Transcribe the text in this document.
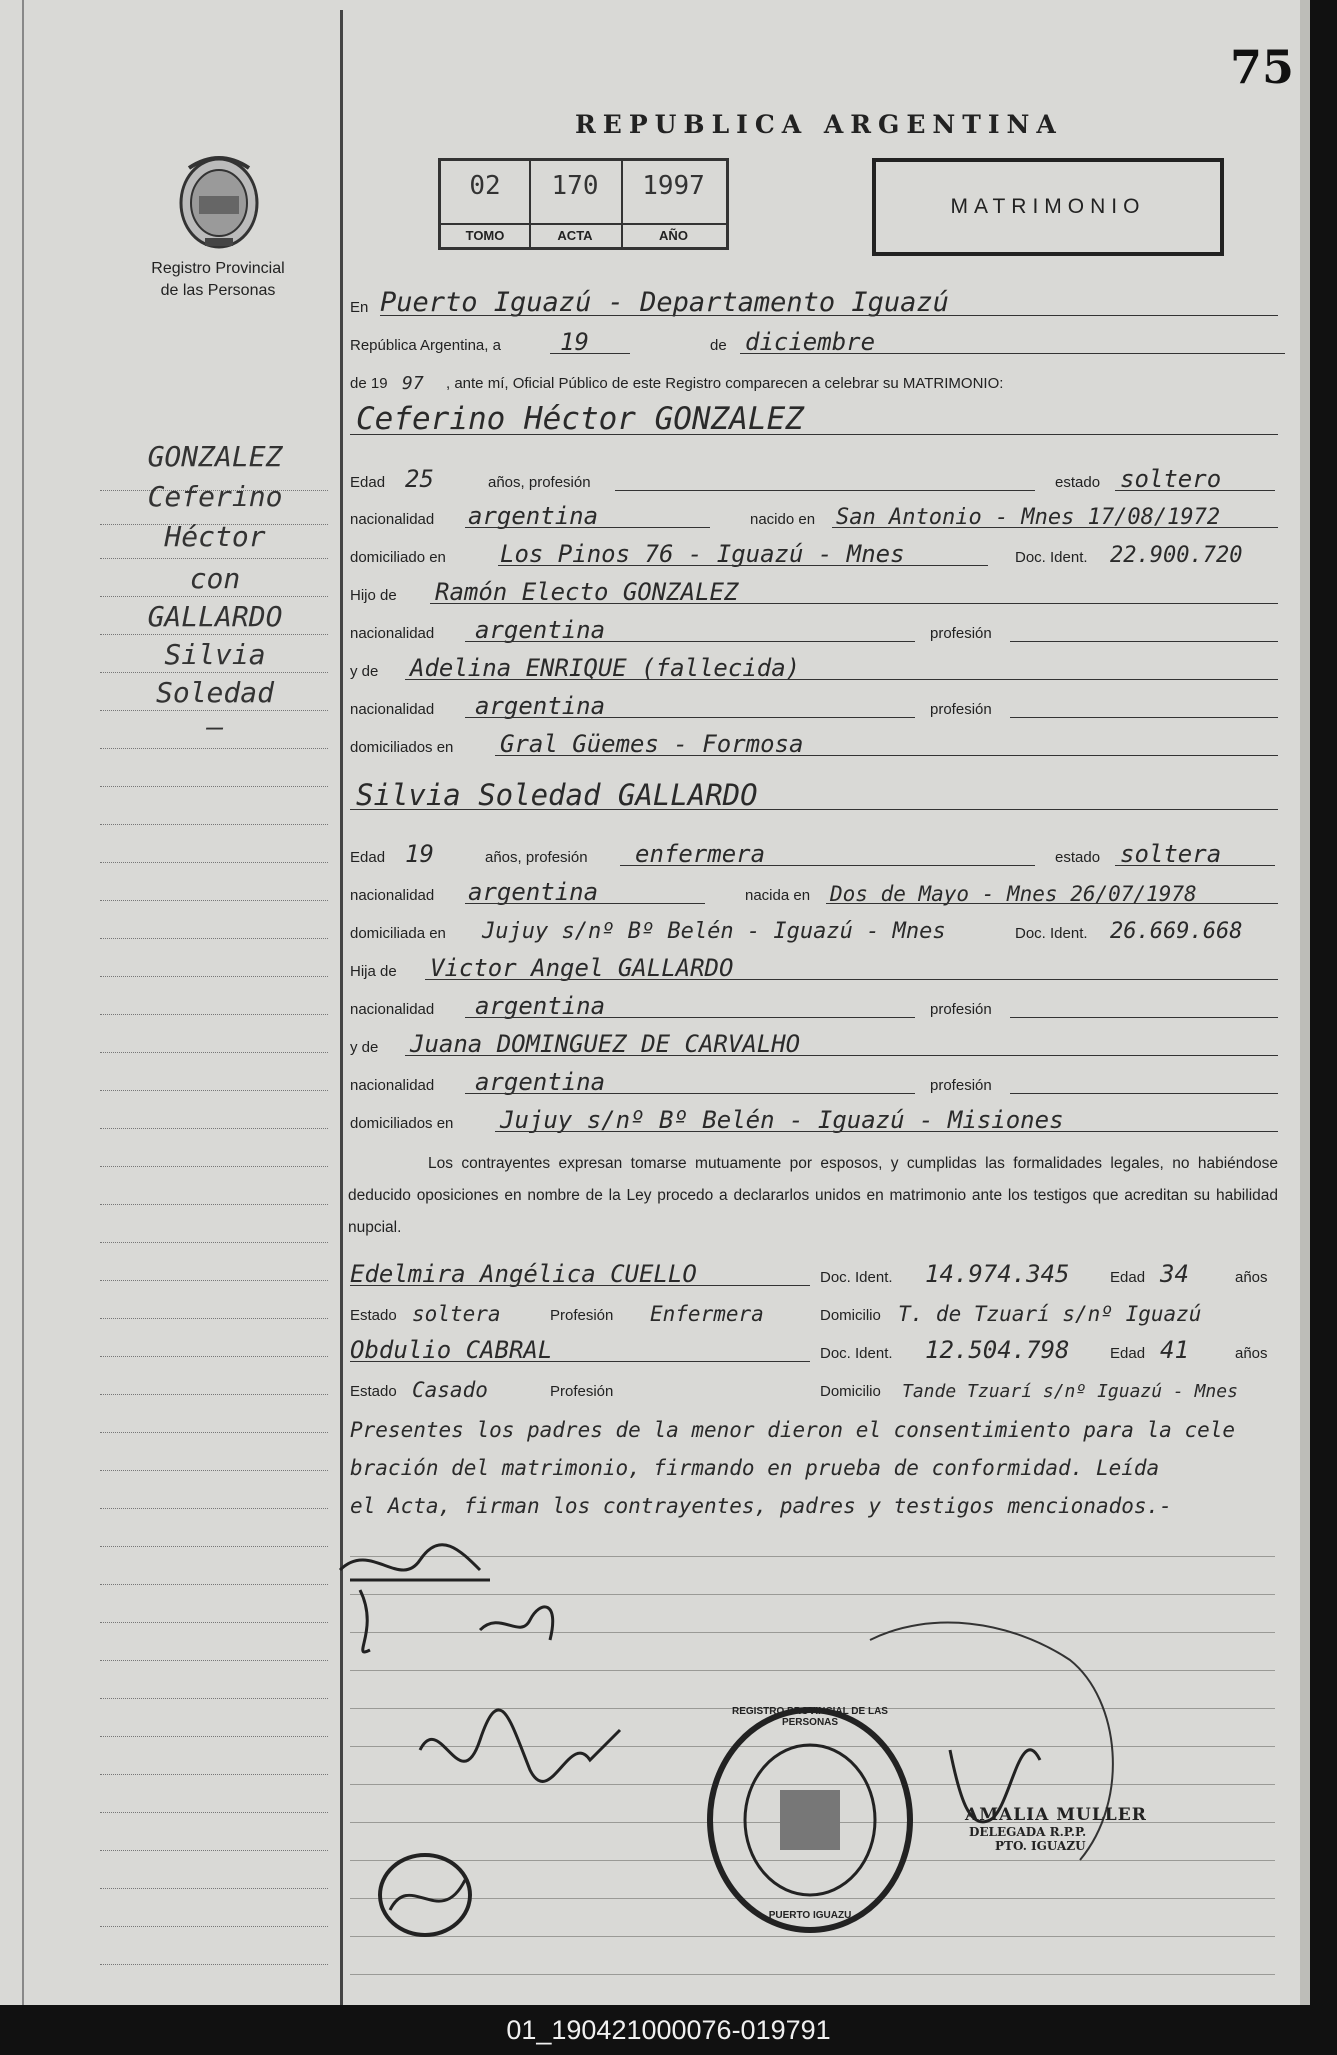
75
REPUBLICA ARGENTINA
Registro Provincial
de las Personas
02
TOMO
170
ACTA
1997
AÑO
MATRIMONIO
GONZALEZ
Ceferino
Héctor
con
GALLARDO
Silvia
Soledad
—
En Puerto Iguazú - Departamento Iguazú
República Argentina, a 19	de diciembre
de 19 97 , ante mí, Oficial Público de este Registro comparecen a celebrar su MATRIMONIO:
Ceferino Héctor GONZALEZ
Edad 25	años, profesión	estado soltero
nacionalidad argentina	nacido en San Antonio - Mnes 17/08/1972
domiciliado en Los Pinos 76 - Iguazú - Mnes	Doc. Ident. 22.900.720
Hijo de Ramón Electo GONZALEZ
nacionalidad argentina	profesión
y de Adelina ENRIQUE (fallecida)
nacionalidad argentina	profesión
domiciliados en Gral Güemes - Formosa
Silvia Soledad GALLARDO
Edad 19	años, profesión enfermera	estado soltera
nacionalidad argentina	nacida en Dos de Mayo - Mnes 26/07/1978
domiciliada en Jujuy s/nº Bº Belén - Iguazú - Mnes	Doc. Ident. 26.669.668
Hija de Victor Angel GALLARDO
nacionalidad argentina	profesión
y de Juana DOMINGUEZ DE CARVALHO
nacionalidad argentina	profesión
domiciliados en Jujuy s/nº Bº Belén - Iguazú - Misiones
Los contrayentes expresan tomarse mutuamente por esposos, y cumplidas las formalidades legales, no habiéndose deducido oposiciones en nombre de la Ley procedo a declararlos unidos en matrimonio ante los testigos que acreditan su habilidad nupcial.
Edelmira Angélica CUELLO	Doc. Ident. 14.974.345	Edad 34	años
Estado soltera	Profesión Enfermera	Domicilio T. de Tzuarí s/nº Iguazú
Obdulio CABRAL	Doc. Ident. 12.504.798	Edad 41	años
Estado Casado	Profesión	Domicilio Tande Tzuarí s/nº Iguazú - Mnes
Presentes los padres de la menor dieron el consentimiento para la cele
bración del matrimonio, firmando en prueba de conformidad. Leída
el Acta, firman los contrayentes, padres y testigos mencionados.-
REGISTRO PROVINCIAL DE LAS PERSONAS
PUERTO IGUAZU
AMALIA MULLER
DELEGADA R.P.P.
PTO. IGUAZU
01_190421000076-019791
